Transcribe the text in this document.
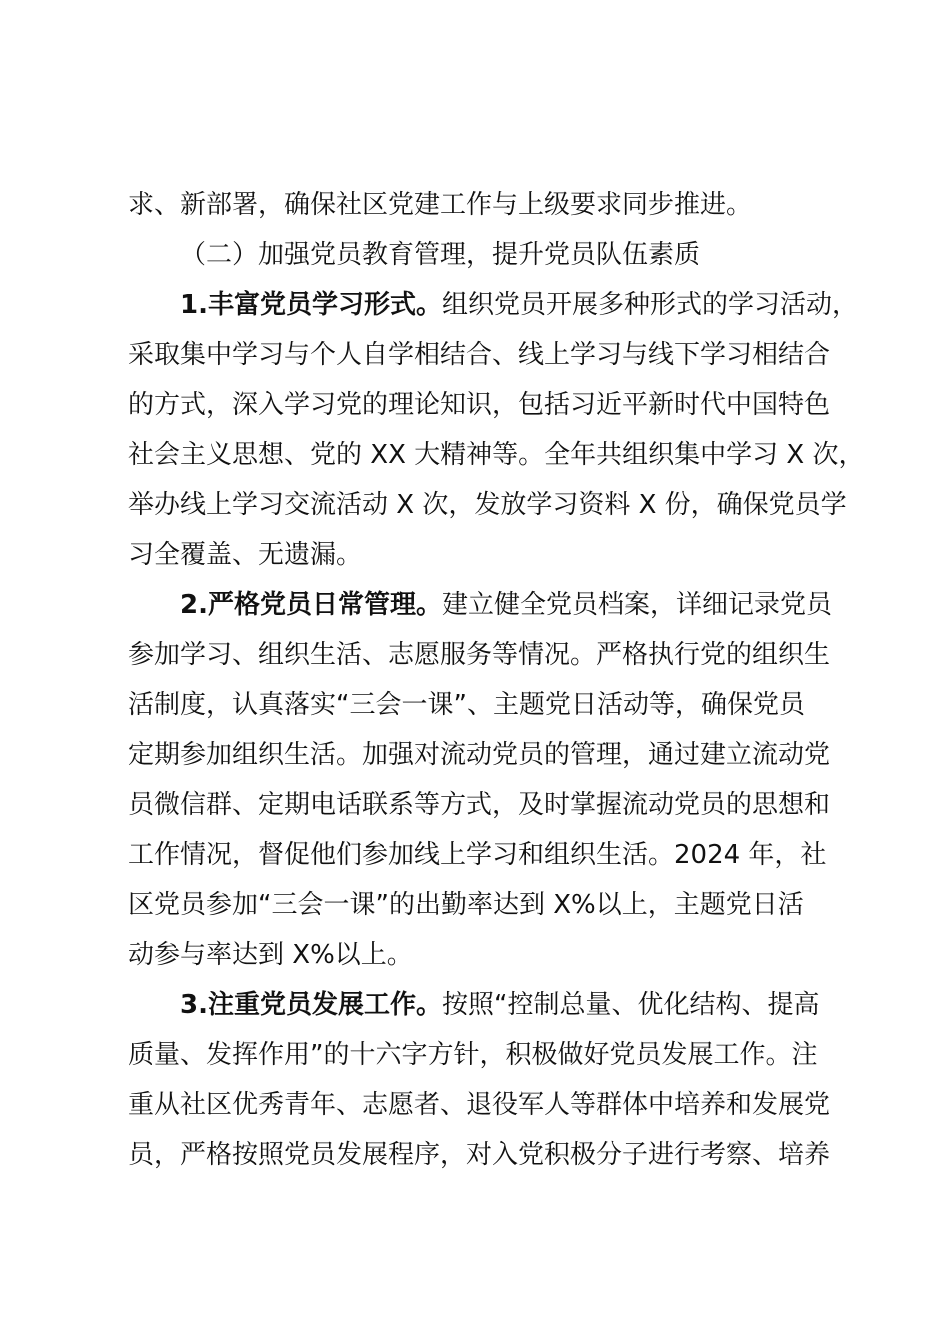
求、新部署，确保社区党建工作与上级要求同步推进。
（二）加强党员教育管理，提升党员队伍素质
1.丰富党员学习形式。组织党员开展多种形式的学习活动，
采取集中学习与个人自学相结合、线上学习与线下学习相结合
的方式，深入学习党的理论知识，包括习近平新时代中国特色
社会主义思想、党的 XX 大精神等。全年共组织集中学习 X 次，
举办线上学习交流活动 X 次，发放学习资料 X 份，确保党员学
习全覆盖、无遗漏。
2.严格党员日常管理。建立健全党员档案，详细记录党员
参加学习、组织生活、志愿服务等情况。严格执行党的组织生
活制度，认真落实“三会一课”、主题党日活动等，确保党员
定期参加组织生活。加强对流动党员的管理，通过建立流动党
员微信群、定期电话联系等方式，及时掌握流动党员的思想和
工作情况，督促他们参加线上学习和组织生活。2024 年，社
区党员参加“三会一课”的出勤率达到 X%以上，主题党日活
动参与率达到 X%以上。
3.注重党员发展工作。按照“控制总量、优化结构、提高
质量、发挥作用”的十六字方针，积极做好党员发展工作。注
重从社区优秀青年、志愿者、退役军人等群体中培养和发展党
员，严格按照党员发展程序，对入党积极分子进行考察、培养
